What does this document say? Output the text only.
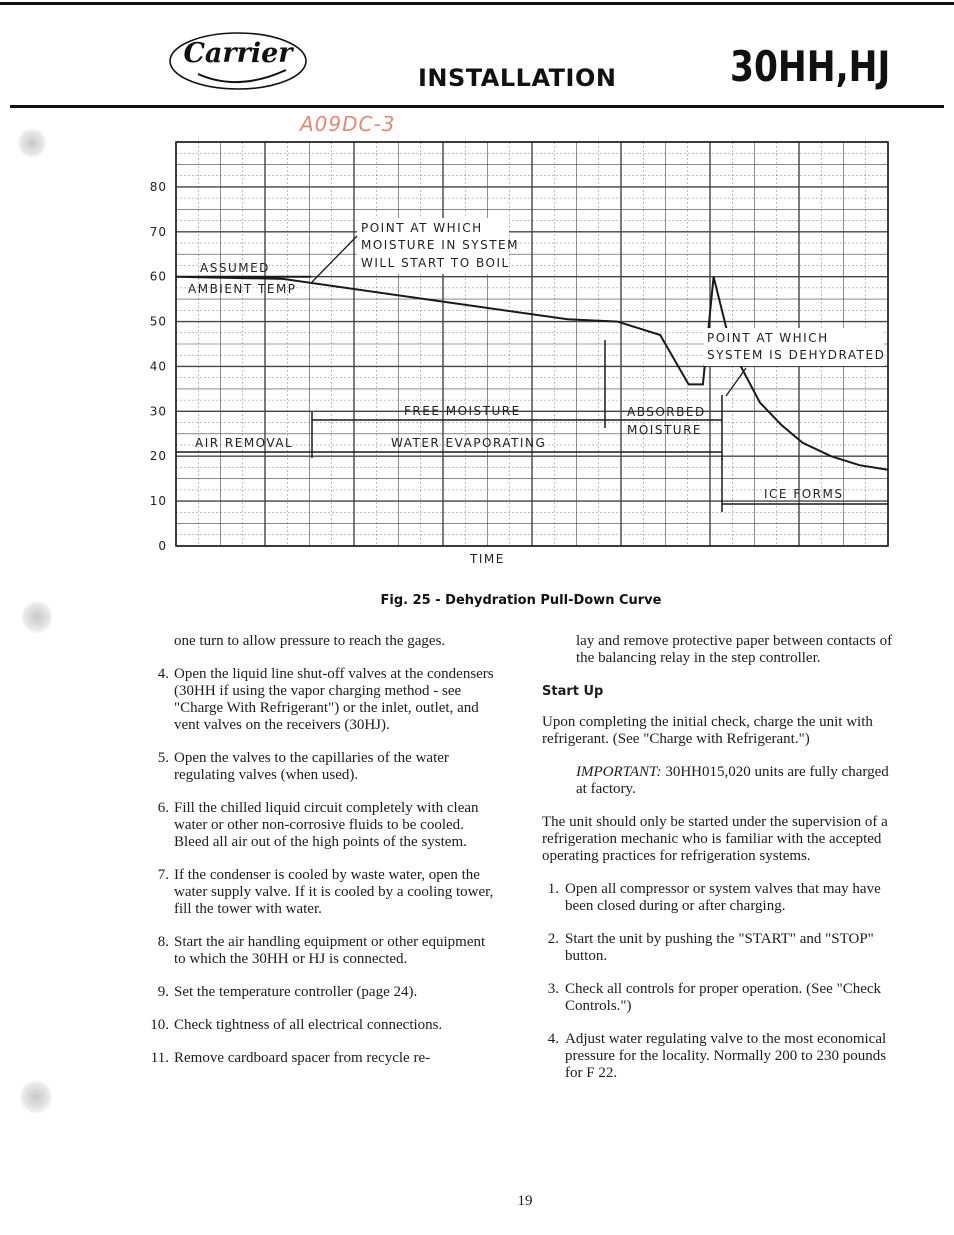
Carrier
INSTALLATION	30HH,HJ
A09DC-3
0
10
20
30
40
50
60
70
80
ASSUMED
AMBIENT TEMP
POINT AT WHICH
MOISTURE IN SYSTEM
WILL START TO BOIL
POINT AT WHICH
SYSTEM IS DEHYDRATED
FREE MOISTURE	ABSORBED
MOISTURE
AIR REMOVAL	WATER EVAPORATING
ICE FORMS
TIME
Fig. 25 - Dehydration Pull-Down Curve

one turn to allow pressure to reach the gages.

4. Open the liquid line shut-off valves at the condensers (30HH if using the vapor charging method - see "Charge With Refrigerant") or the inlet, outlet, and vent valves on the receivers (30HJ).
5. Open the valves to the capillaries of the water regulating valves (when used).
6. Fill the chilled liquid circuit completely with clean water or other non-corrosive fluids to be cooled. Bleed all air out of the high points of the system.
7. If the condenser is cooled by waste water, open the water supply valve. If it is cooled by a cooling tower, fill the tower with water.
8. Start the air handling equipment or other equipment to which the 30HH or HJ is connected.
9. Set the temperature controller (page 24).
10. Check tightness of all electrical connections.
11. Remove cardboard spacer from recycle re-

lay and remove protective paper between contacts of the balancing relay in the step controller.

Start Up

Upon completing the initial check, charge the unit with refrigerant. (See "Charge with Refrigerant.")

IMPORTANT: 30HH015,020 units are fully charged at factory.

The unit should only be started under the supervision of a refrigeration mechanic who is familiar with the accepted operating practices for refrigeration systems.

1. Open all compressor or system valves that may have been closed during or after charging.
2. Start the unit by pushing the "START" and "STOP" button.
3. Check all controls for proper operation. (See "Check Controls.")
4. Adjust water regulating valve to the most economical pressure for the locality. Normally 200 to 230 pounds for F 22.
19
